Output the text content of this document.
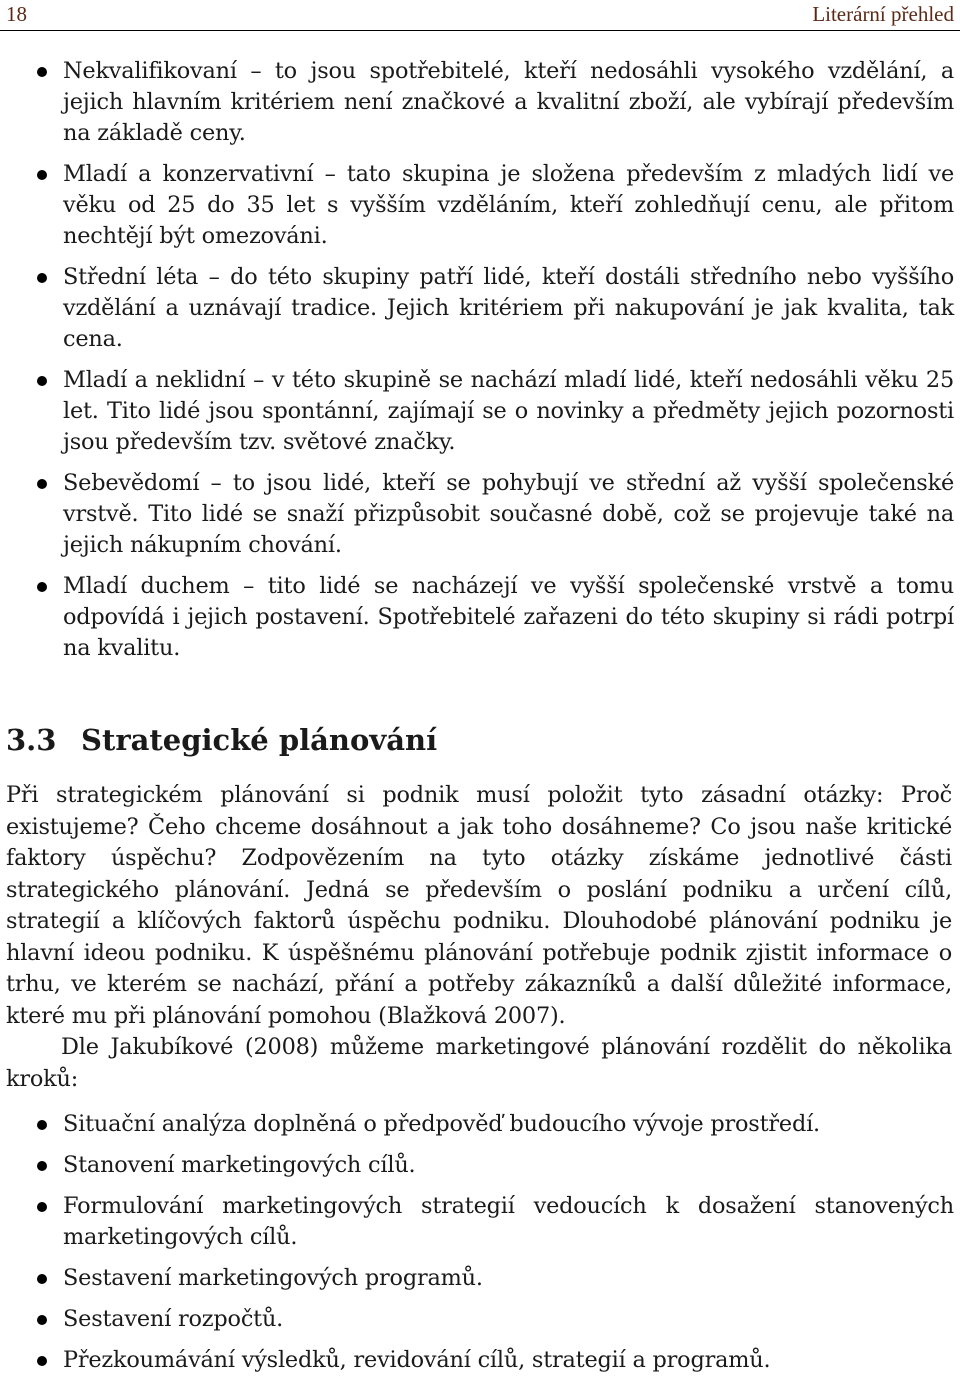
18	Literární přehled
Nekvalifikovaní – to jsou spotřebitelé, kteří nedosáhli vysokého vzdělání, a jejich hlavním kritériem není značkové a kvalitní zboží, ale vybírají především na základě ceny.
Mladí a konzervativní – tato skupina je složena především z mladých lidí ve věku od 25 do 35 let s vyšším vzděláním, kteří zohledňují cenu, ale přitom nechtějí být omezováni.
Střední léta – do této skupiny patří lidé, kteří dostáli středního nebo vyššího vzdělání a uznávají tradice. Jejich kritériem při nakupování je jak kvalita, tak cena.
Mladí a neklidní – v této skupině se nachází mladí lidé, kteří nedosáhli věku 25 let. Tito lidé jsou spontánní, zajímají se o novinky a předměty jejich pozornosti jsou především tzv. světové značky.
Sebevědomí – to jsou lidé, kteří se pohybují ve střední až vyšší společenské vrstvě. Tito lidé se snaží přizpůsobit současné době, což se projevuje také na jejich nákupním chování.
Mladí duchem – tito lidé se nacházejí ve vyšší společenské vrstvě a tomu odpovídá i jejich postavení. Spotřebitelé zařazeni do této skupiny si rádi potrpí na kvalitu.
3.3 Strategické plánování

Při strategickém plánování si podnik musí položit tyto zásadní otázky: Proč existujeme? Čeho chceme dosáhnout a jak toho dosáhneme? Co jsou naše kritické faktory úspěchu? Zodpovězením na tyto otázky získáme jednotlivé části strategického plánování. Jedná se především o poslání podniku a určení cílů, strategií a klíčových faktorů úspěchu podniku. Dlouhodobé plánování podniku je hlavní ideou podniku. K úspěšnému plánování potřebuje podnik zjistit informace o trhu, ve kterém se nachází, přání a potřeby zákazníků a další důležité informace, které mu při plánování pomohou (Blažková 2007).

Dle Jakubíkové (2008) můžeme marketingové plánování rozdělit do několika kroků:

Situační analýza doplněná o předpověď budoucího vývoje prostředí.
Stanovení marketingových cílů.
Formulování marketingových strategií vedoucích k dosažení stanovených marketingových cílů.
Sestavení marketingových programů.
Sestavení rozpočtů.
Přezkoumávání výsledků, revidování cílů, strategií a programů.
